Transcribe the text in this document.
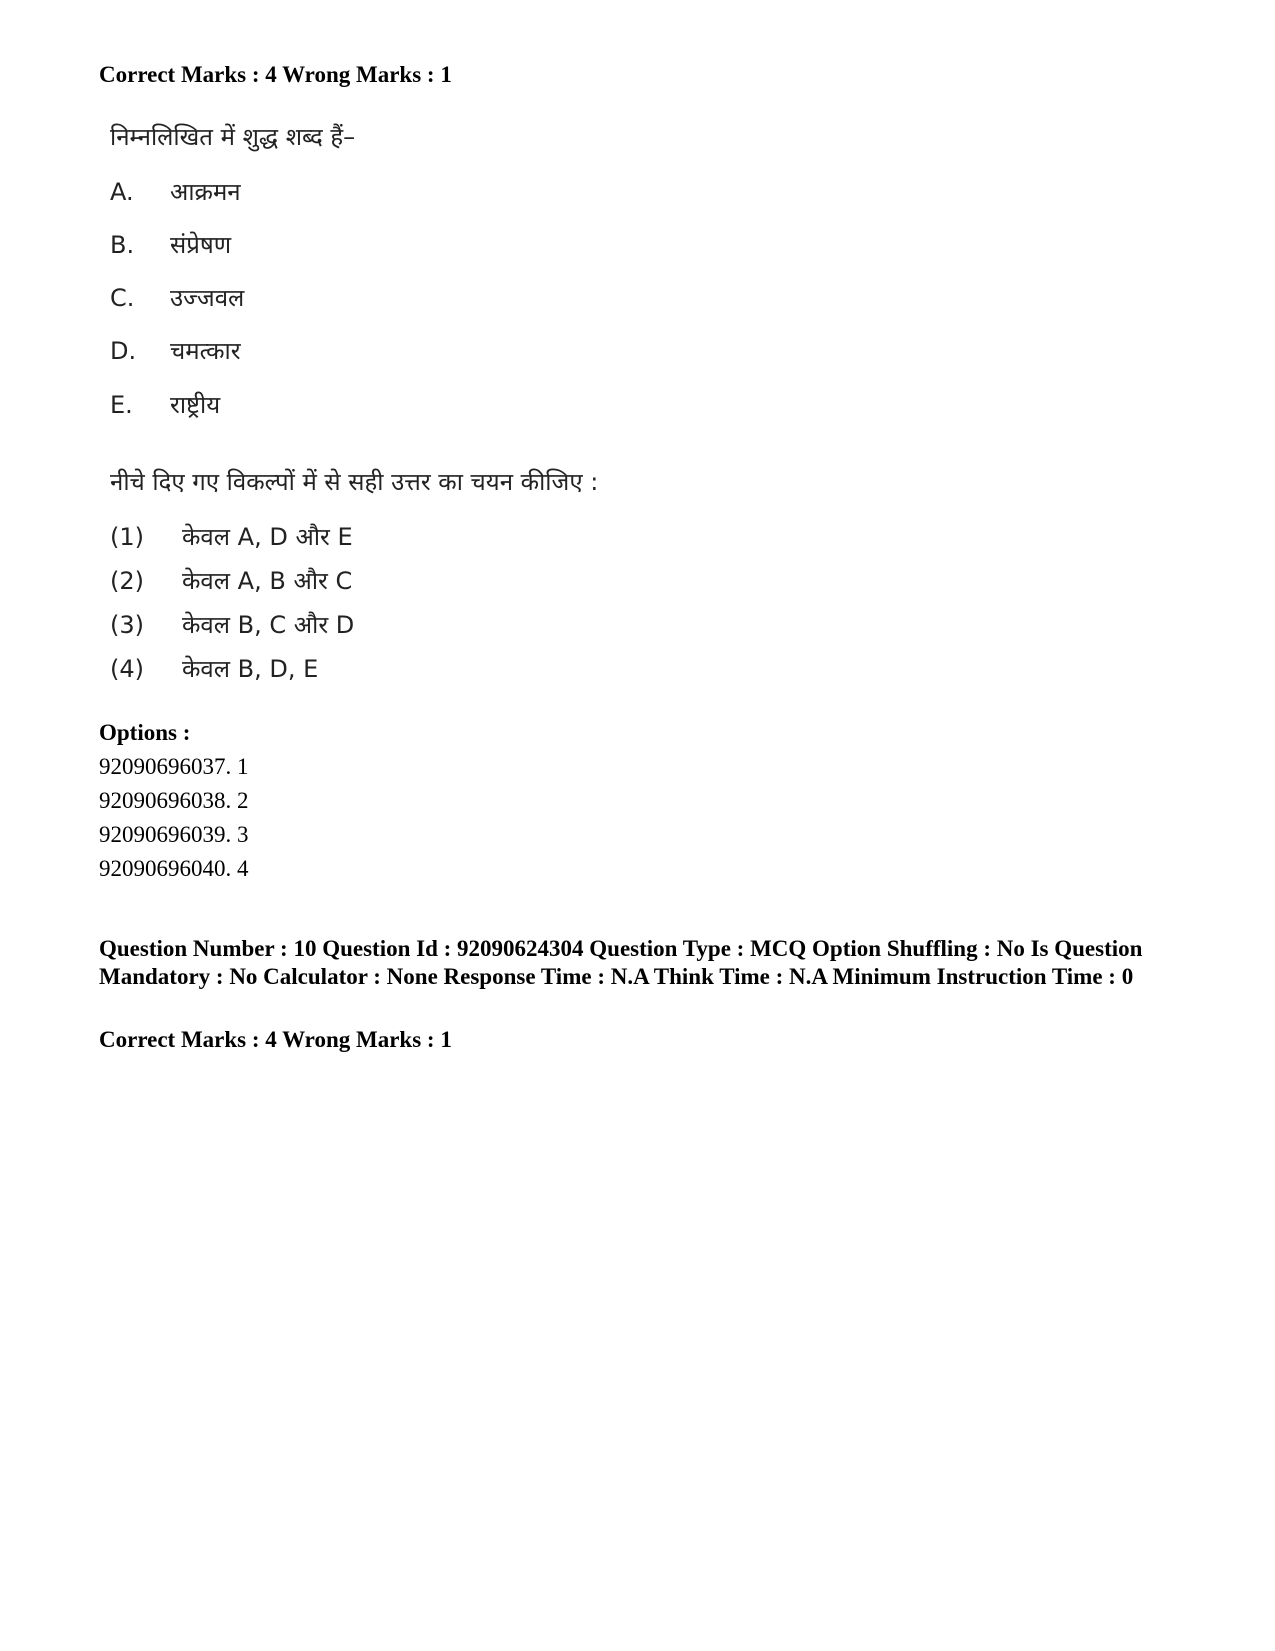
Correct Marks : 4 Wrong Marks : 1
निम्नलिखित में शुद्ध शब्द हैं–
A. आक्रमन
B. संप्रेषण
C. उज्जवल
D. चमत्कार
E. राष्ट्रीय
नीचे दिए गए विकल्पों में से सही उत्तर का चयन कीजिए :
(1) केवल A, D और E
(2) केवल A, B और C
(3) केवल B, C और D
(4) केवल B, D, E
Options :
92090696037. 1
92090696038. 2
92090696039. 3
92090696040. 4
Question Number : 10 Question Id : 92090624304 Question Type : MCQ Option Shuffling : No Is Question Mandatory : No Calculator : None Response Time : N.A Think Time : N.A Minimum Instruction Time : 0
Correct Marks : 4 Wrong Marks : 1
